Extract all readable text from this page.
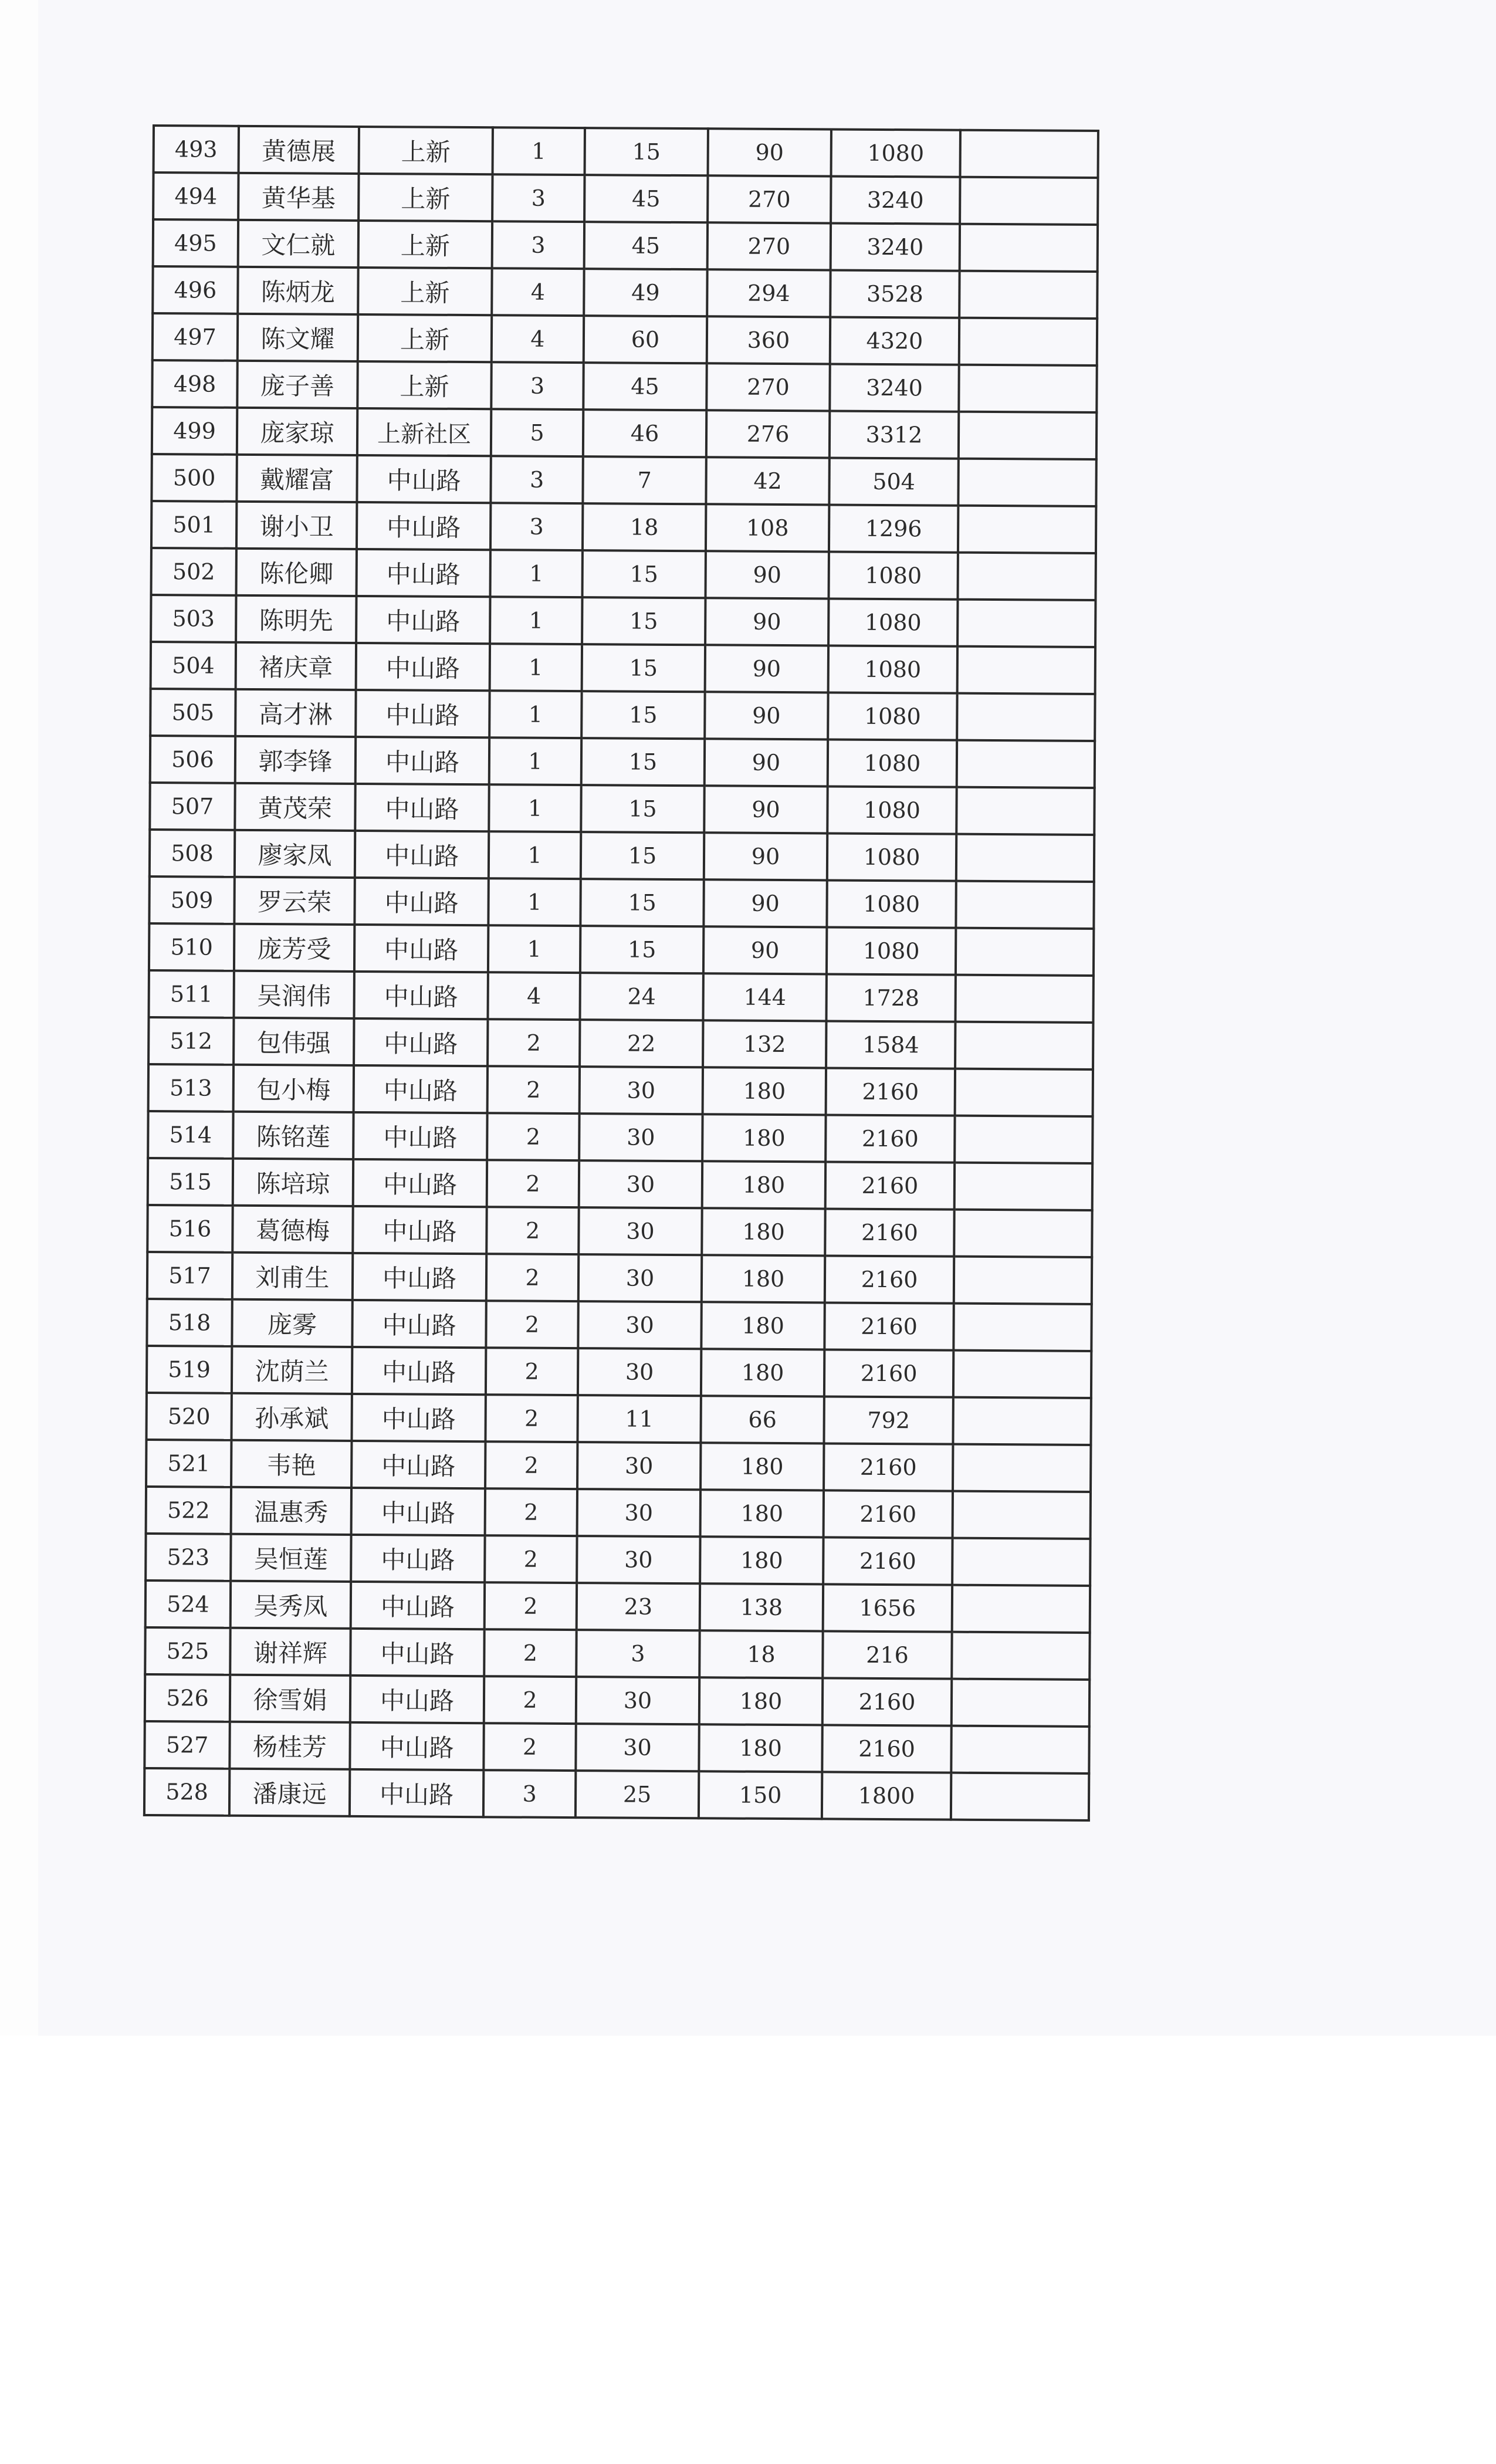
493	黄德展	上新	1	15	90	1080	
494	黄华基	上新	3	45	270	3240	
495	文仁就	上新	3	45	270	3240	
496	陈炳龙	上新	4	49	294	3528	
497	陈文耀	上新	4	60	360	4320	
498	庞子善	上新	3	45	270	3240	
499	庞家琼	上新社区	5	46	276	3312	
500	戴耀富	中山路	3	7	42	504	
501	谢小卫	中山路	3	18	108	1296	
502	陈伦卿	中山路	1	15	90	1080	
503	陈明先	中山路	1	15	90	1080	
504	褚庆章	中山路	1	15	90	1080	
505	高才淋	中山路	1	15	90	1080	
506	郭李锋	中山路	1	15	90	1080	
507	黄茂荣	中山路	1	15	90	1080	
508	廖家凤	中山路	1	15	90	1080	
509	罗云荣	中山路	1	15	90	1080	
510	庞芳受	中山路	1	15	90	1080	
511	吴润伟	中山路	4	24	144	1728	
512	包伟强	中山路	2	22	132	1584	
513	包小梅	中山路	2	30	180	2160	
514	陈铭莲	中山路	2	30	180	2160	
515	陈培琼	中山路	2	30	180	2160	
516	葛德梅	中山路	2	30	180	2160	
517	刘甫生	中山路	2	30	180	2160	
518	庞雾	中山路	2	30	180	2160	
519	沈荫兰	中山路	2	30	180	2160	
520	孙承斌	中山路	2	11	66	792	
521	韦艳	中山路	2	30	180	2160	
522	温惠秀	中山路	2	30	180	2160	
523	吴恒莲	中山路	2	30	180	2160	
524	吴秀凤	中山路	2	23	138	1656	
525	谢祥辉	中山路	2	3	18	216	
526	徐雪娟	中山路	2	30	180	2160	
527	杨桂芳	中山路	2	30	180	2160	
528	潘康远	中山路	3	25	150	1800	
